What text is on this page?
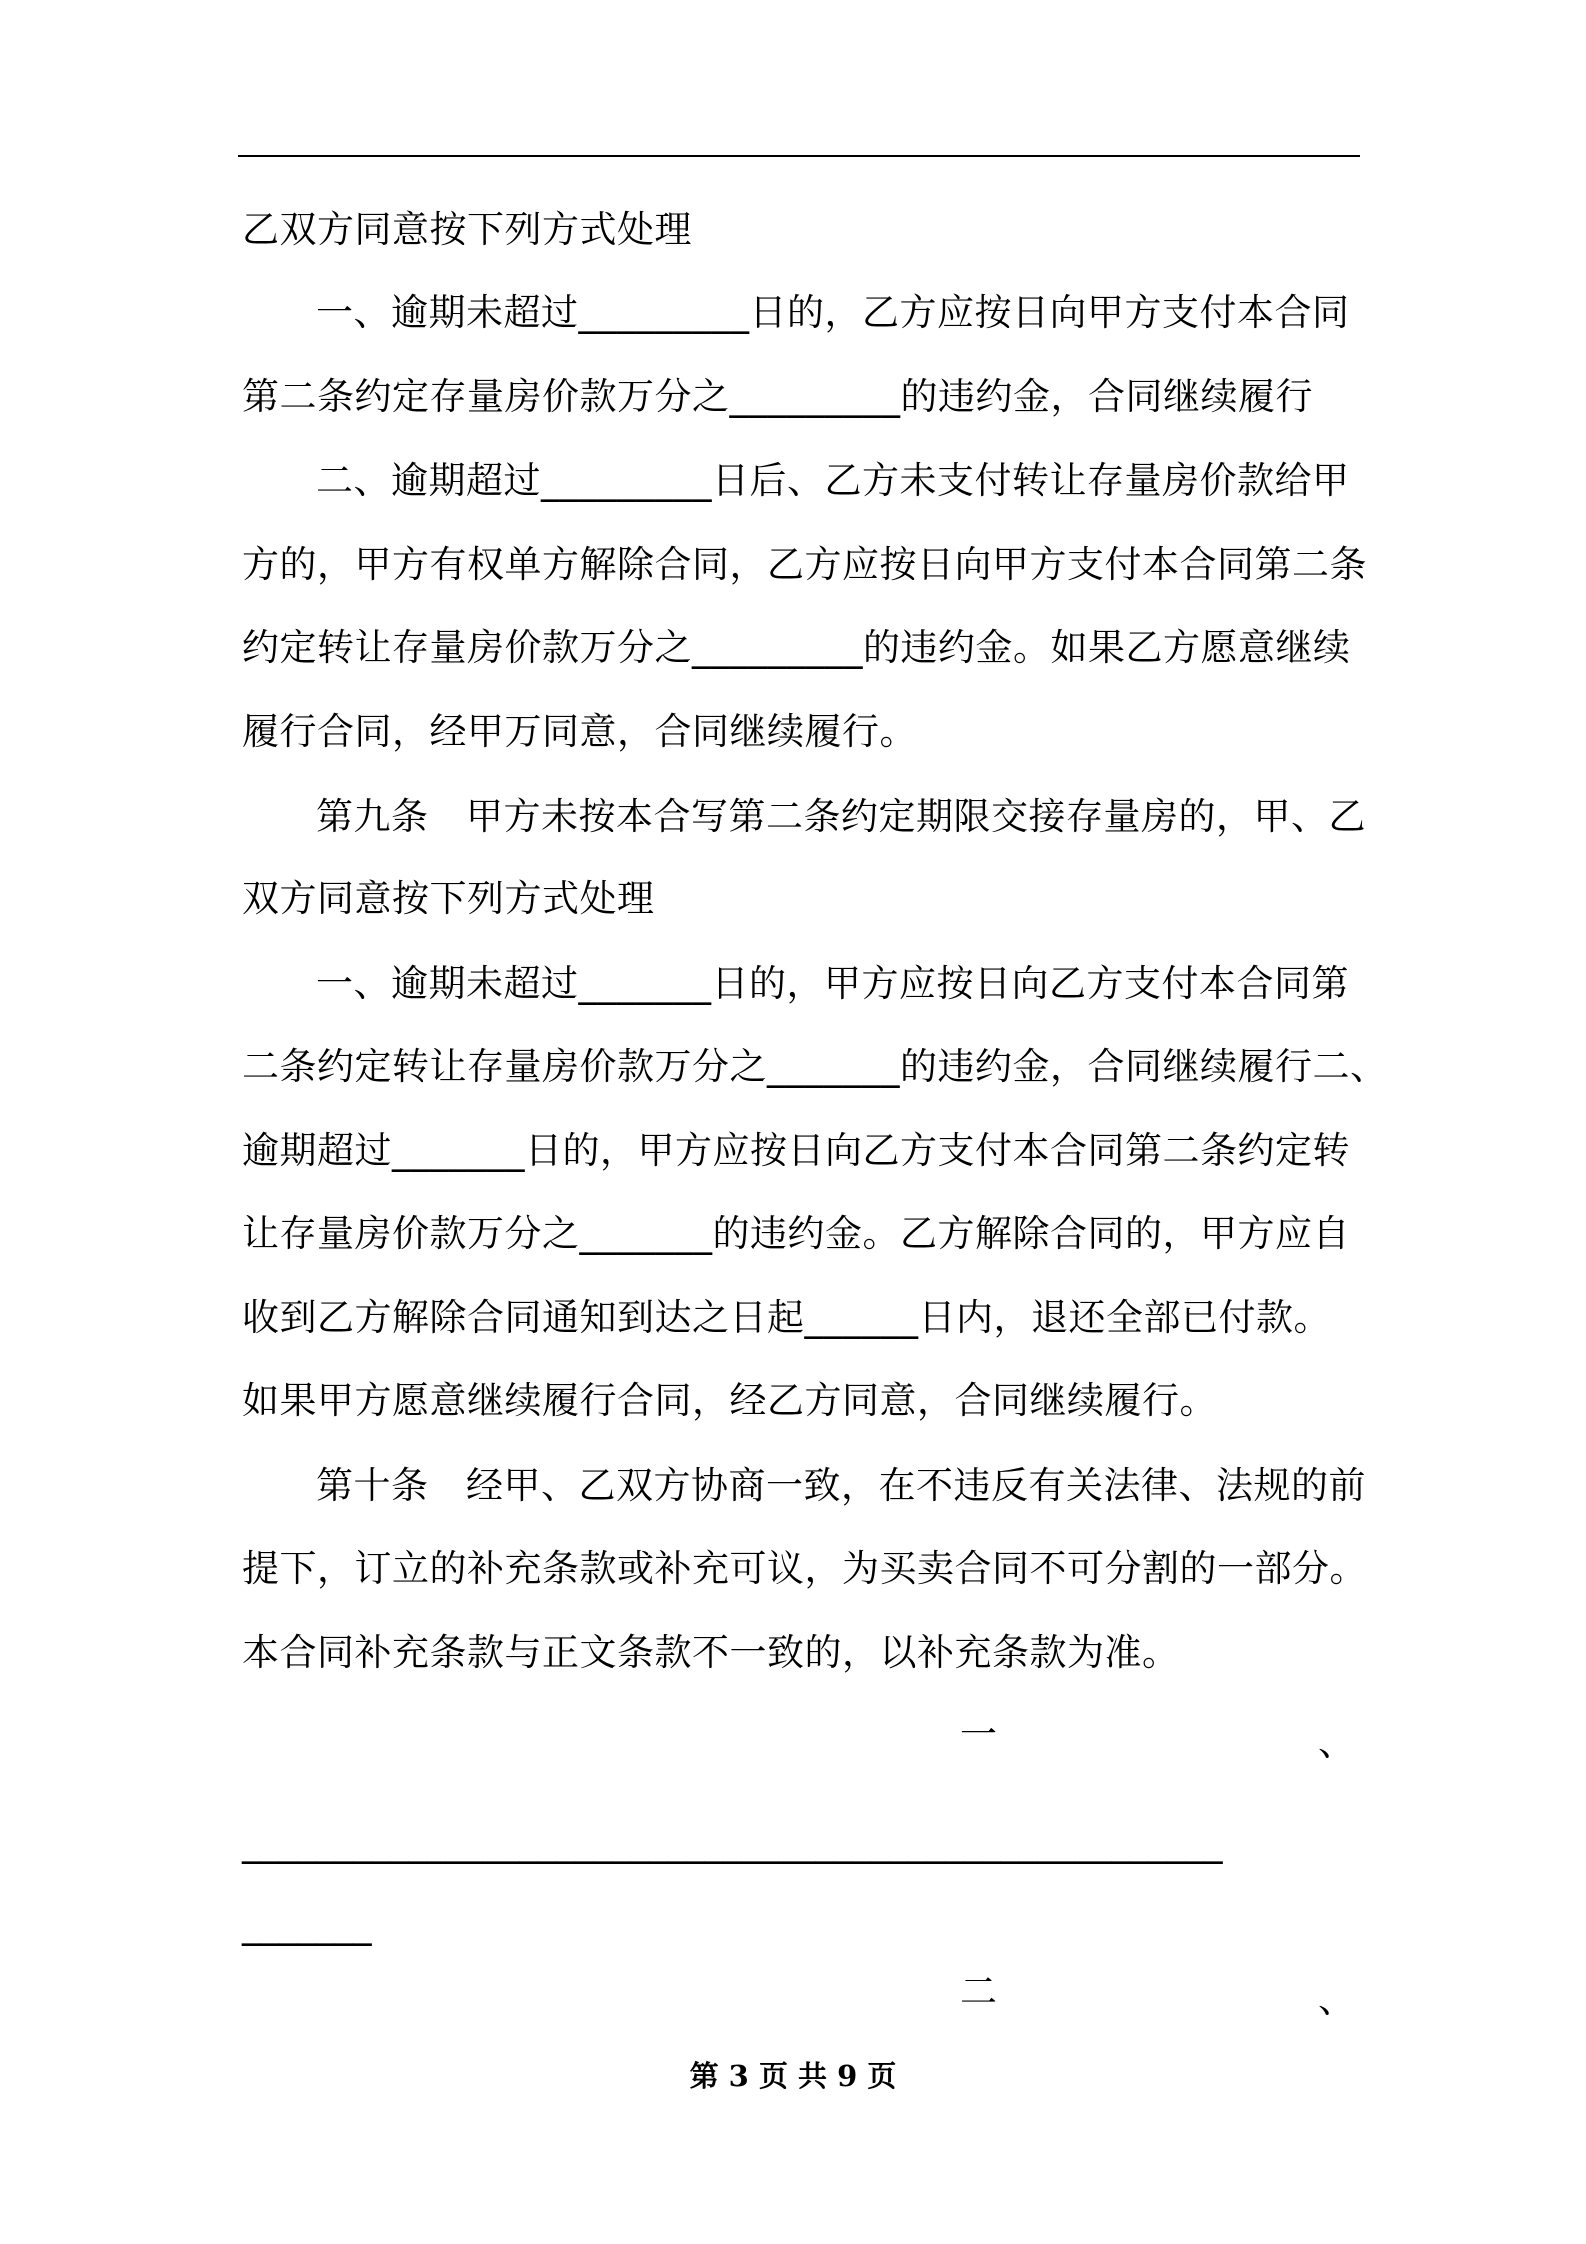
乙双方同意按下列方式处理
一、逾期未超过_________日的，乙方应按日向甲方支付本合同
第二条约定存量房价款万分之_________的违约金，合同继续履行
二、逾期超过_________日后、乙方未支付转让存量房价款给甲
方的，甲方有权单方解除合同，乙方应按日向甲方支付本合同第二条
约定转让存量房价款万分之_________的违约金。如果乙方愿意继续
履行合同，经甲万同意，合同继续履行。
第九条　甲方未按本合写第二条约定期限交接存量房的，甲、乙
双方同意按下列方式处理
一、逾期未超过_______日的，甲方应按日向乙方支付本合同第
二条约定转让存量房价款万分之_______的违约金，合同继续履行二、
逾期超过_______日的，甲方应按日向乙方支付本合同第二条约定转
让存量房价款万分之_______的违约金。乙方解除合同的，甲方应自
收到乙方解除合同通知到达之日起______日内，退还全部已付款。
如果甲方愿意继续履行合同，经乙方同意，合同继续履行。
第十条　经甲、乙双方协商一致，在不违反有关法律、法规的前
提下，订立的补充条款或补充可议，为买卖合同不可分割的一部分。
本合同补充条款与正文条款不一致的，以补充条款为准。
一	、
_____________________________________________________
_______
二	、
第 3 页 共 9 页
